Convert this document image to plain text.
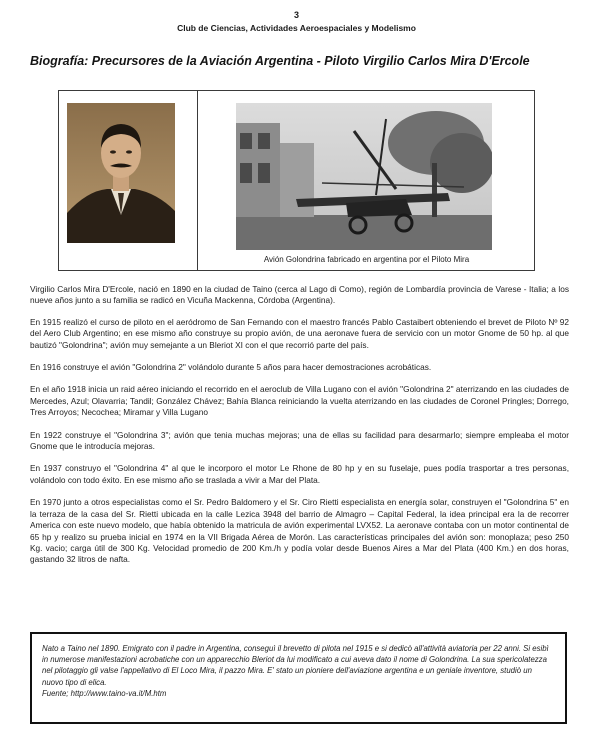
3
Club de Ciencias, Actividades Aeroespaciales y Modelismo
Biografía: Precursores de la Aviación Argentina - Piloto Virgilio Carlos Mira D'Ercole
Avión Golondrina fabricado en argentina por el Piloto Mira

Virgilio Carlos Mira D'Ercole, nació en 1890 en la ciudad de Taino (cerca al Lago di Como), región de Lombardía provincia de Varese - Italia; a los nueve años junto a su familia se radicó en Vicuña Mackenna, Córdoba (Argentina).

En 1915 realizó el curso de piloto en el aeródromo de San Fernando con el maestro francés Pablo Castaibert obteniendo el brevet de Piloto Nº 92 del Aero Club Argentino; en ese mismo año construye su propio avión, de una aeronave fuera de servicio con un motor Gnome de 50 hp. al que bautizó "Golondrina"; avión muy semejante a un Bleriot XI con el que recorrió parte del país.

En 1916 construye el avión "Golondrina 2" volándolo durante 5 años para hacer demostraciones acrobáticas.

En el año 1918 inicia un raid aéreo iniciando el recorrido en el aeroclub de Villa Lugano con el avión "Golondrina 2" aterrizando en las ciudades de Mercedes, Azul; Olavarria; Tandil; González Chávez; Bahía Blanca reiniciando la vuelta aterrizando en las ciudades de Coronel Pringles; Dorrego, Tres Arroyos; Necochea; Miramar y Villa Lugano

En 1922 construye el "Golondrina 3"; avión que tenia muchas mejoras; una de ellas su facilidad para desarmarlo; siempre empleaba el motor Gnome que le introducía mejoras.

En 1937 construyo el "Golondrina 4" al que le incorporo el motor Le Rhone de 80 hp y en su fuselaje, pues podía trasportar a tres personas, volándolo con todo éxito. En ese mismo año se traslada a vivir a Mar del Plata.

En 1970 junto a otros especialistas como el Sr. Pedro Baldomero y el Sr. Ciro Rietti especialista en energía solar, construyen el "Golondrina 5" en la terraza de la casa del Sr. Rietti ubicada en la calle Lezica 3948 del barrio de Almagro – Capital Federal, la idea principal era la de recorrer America con este nuevo modelo, que había obtenido la matricula de avión experimental LVX52. La aeronave contaba con un motor continental de 65 hp y realizo su prueba inicial en 1974 en la VII Brigada Aérea de Morón. Las características principales del avión son: monoplaza; peso 250 Kg. vacio; carga útil de 300 Kg. Velocidad promedio de 200 Km./h y podía volar desde Buenos Aires a Mar del Plata (400 Km.) en dos horas, gastando 32 litros de nafta.

Nato a Taino nel 1890. Emigrato con il padre in Argentina, conseguì il brevetto di pilota nel 1915 e si dedicò all'attività aviatoria per 22 anni. Si esibì in numerose manifestazioni acrobatiche con un apparecchio Bleriot da lui modificato a cui aveva dato il nome di Golondrina. La sua spericolatezza nel pilotaggio gli valse l'appellativo di El Loco Mira, il pazzo Mira. E' stato un pioniere dell'aviazione argentina e un geniale inventore, studiò un nuovo tipo di elica.
Fuente; http://www.taino-va.it/M.htm
